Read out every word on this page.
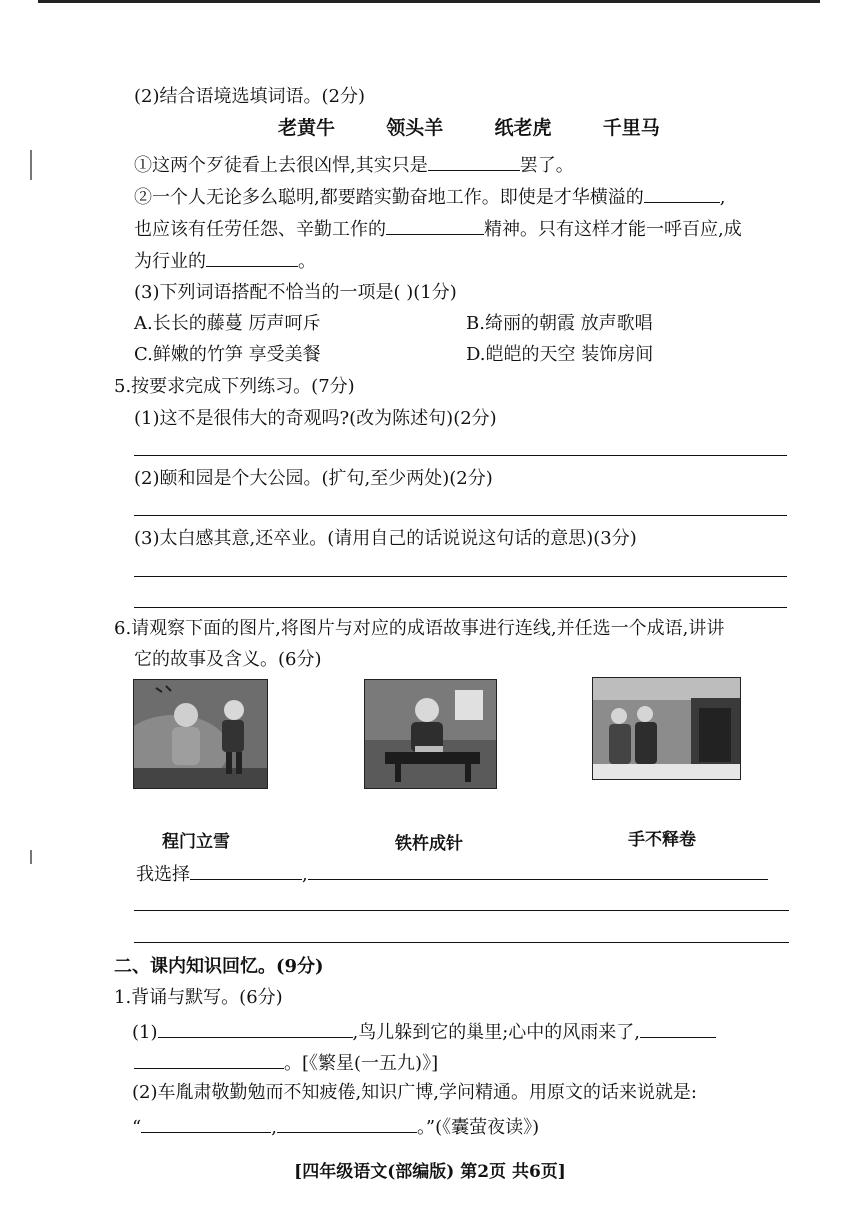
(2)结合语境选填词语。(2分)
老黄牛	领头羊	纸老虎	千里马
①这两个歹徒看上去很凶悍,其实只是	罢了。
②一个人无论多么聪明,都要踏实勤奋地工作。即使是才华横溢的	,
也应该有任劳任怨、辛勤工作的	精神。只有这样才能一呼百应,成
为行业的	。
(3)下列词语搭配不恰当的一项是( )(1分)
A.长长的藤蔓 厉声呵斥	B.绮丽的朝霞 放声歌唱
C.鲜嫩的竹笋 享受美餐	D.皑皑的天空 装饰房间
5.按要求完成下列练习。(7分)
(1)这不是很伟大的奇观吗?(改为陈述句)(2分)
(2)颐和园是个大公园。(扩句,至少两处)(2分)
(3)太白感其意,还卒业。(请用自己的话说说这句话的意思)(3分)
6.请观察下面的图片,将图片与对应的成语故事进行连线,并任选一个成语,讲讲
它的故事及含义。(6分)
程门立雪	铁杵成针	手不释卷
我选择	,
二、课内知识回忆。(9分)
1.背诵与默写。(6分)
(1)	,鸟儿躲到它的巢里;心中的风雨来了,
。[《繁星(一五九)》]
(2)车胤肃敬勤勉而不知疲倦,知识广博,学问精通。用原文的话来说就是:
“	,	。”(《囊萤夜读》)
[四年级语文(部编版) 第2页 共6页]
